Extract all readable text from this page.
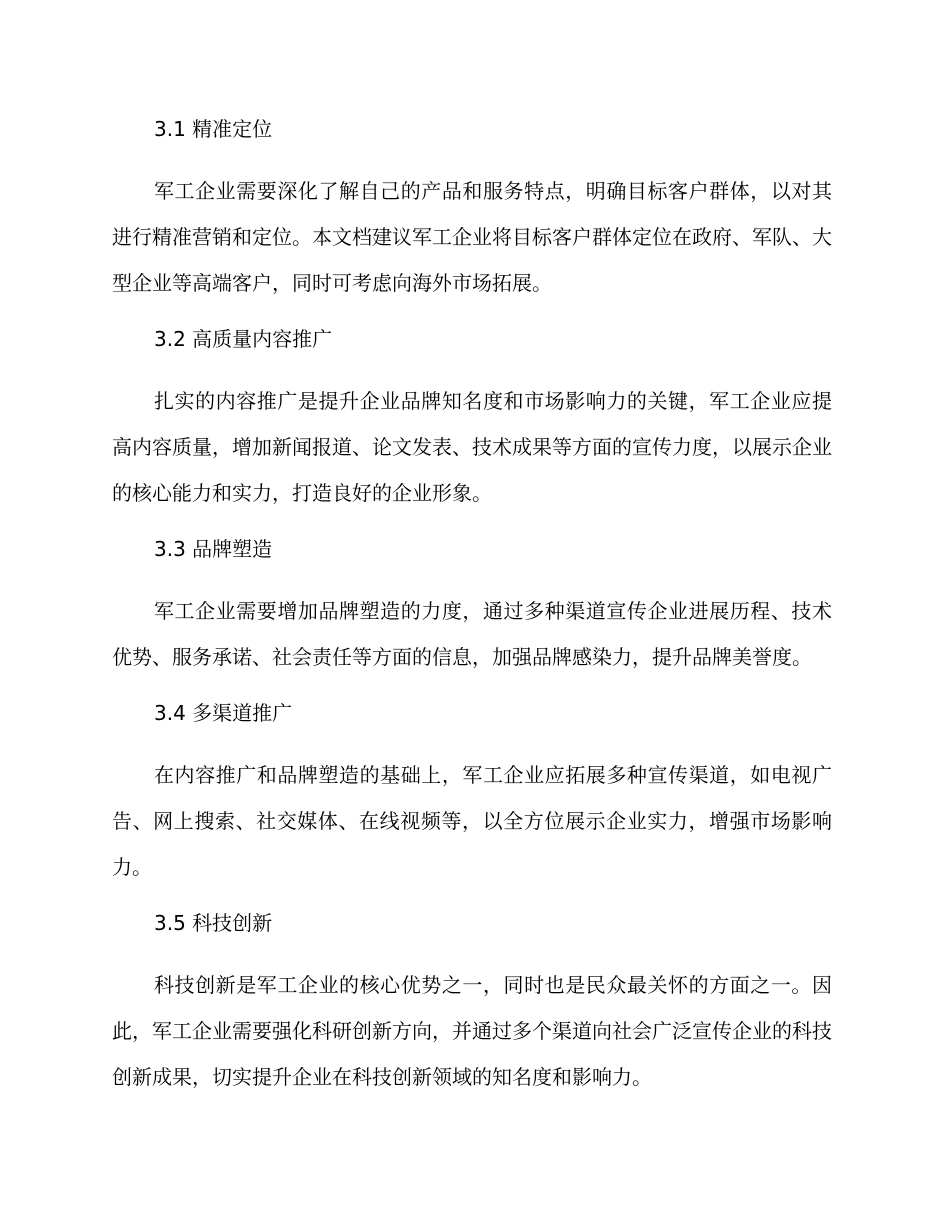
3.1 精准定位

军工企业需要深化了解自己的产品和服务特点，明确目标客户群体，以对其进行精准营销和定位。本文档建议军工企业将目标客户群体定位在政府、军队、大型企业等高端客户，同时可考虑向海外市场拓展。

3.2 高质量内容推广

扎实的内容推广是提升企业品牌知名度和市场影响力的关键，军工企业应提高内容质量，增加新闻报道、论文发表、技术成果等方面的宣传力度，以展示企业的核心能力和实力，打造良好的企业形象。

3.3 品牌塑造

军工企业需要增加品牌塑造的力度，通过多种渠道宣传企业进展历程、技术优势、服务承诺、社会责任等方面的信息，加强品牌感染力，提升品牌美誉度。

3.4 多渠道推广

在内容推广和品牌塑造的基础上，军工企业应拓展多种宣传渠道，如电视广告、网上搜索、社交媒体、在线视频等，以全方位展示企业实力，增强市场影响力。

3.5 科技创新

科技创新是军工企业的核心优势之一，同时也是民众最关怀的方面之一。因此，军工企业需要强化科研创新方向，并通过多个渠道向社会广泛宣传企业的科技创新成果，切实提升企业在科技创新领域的知名度和影响力。
